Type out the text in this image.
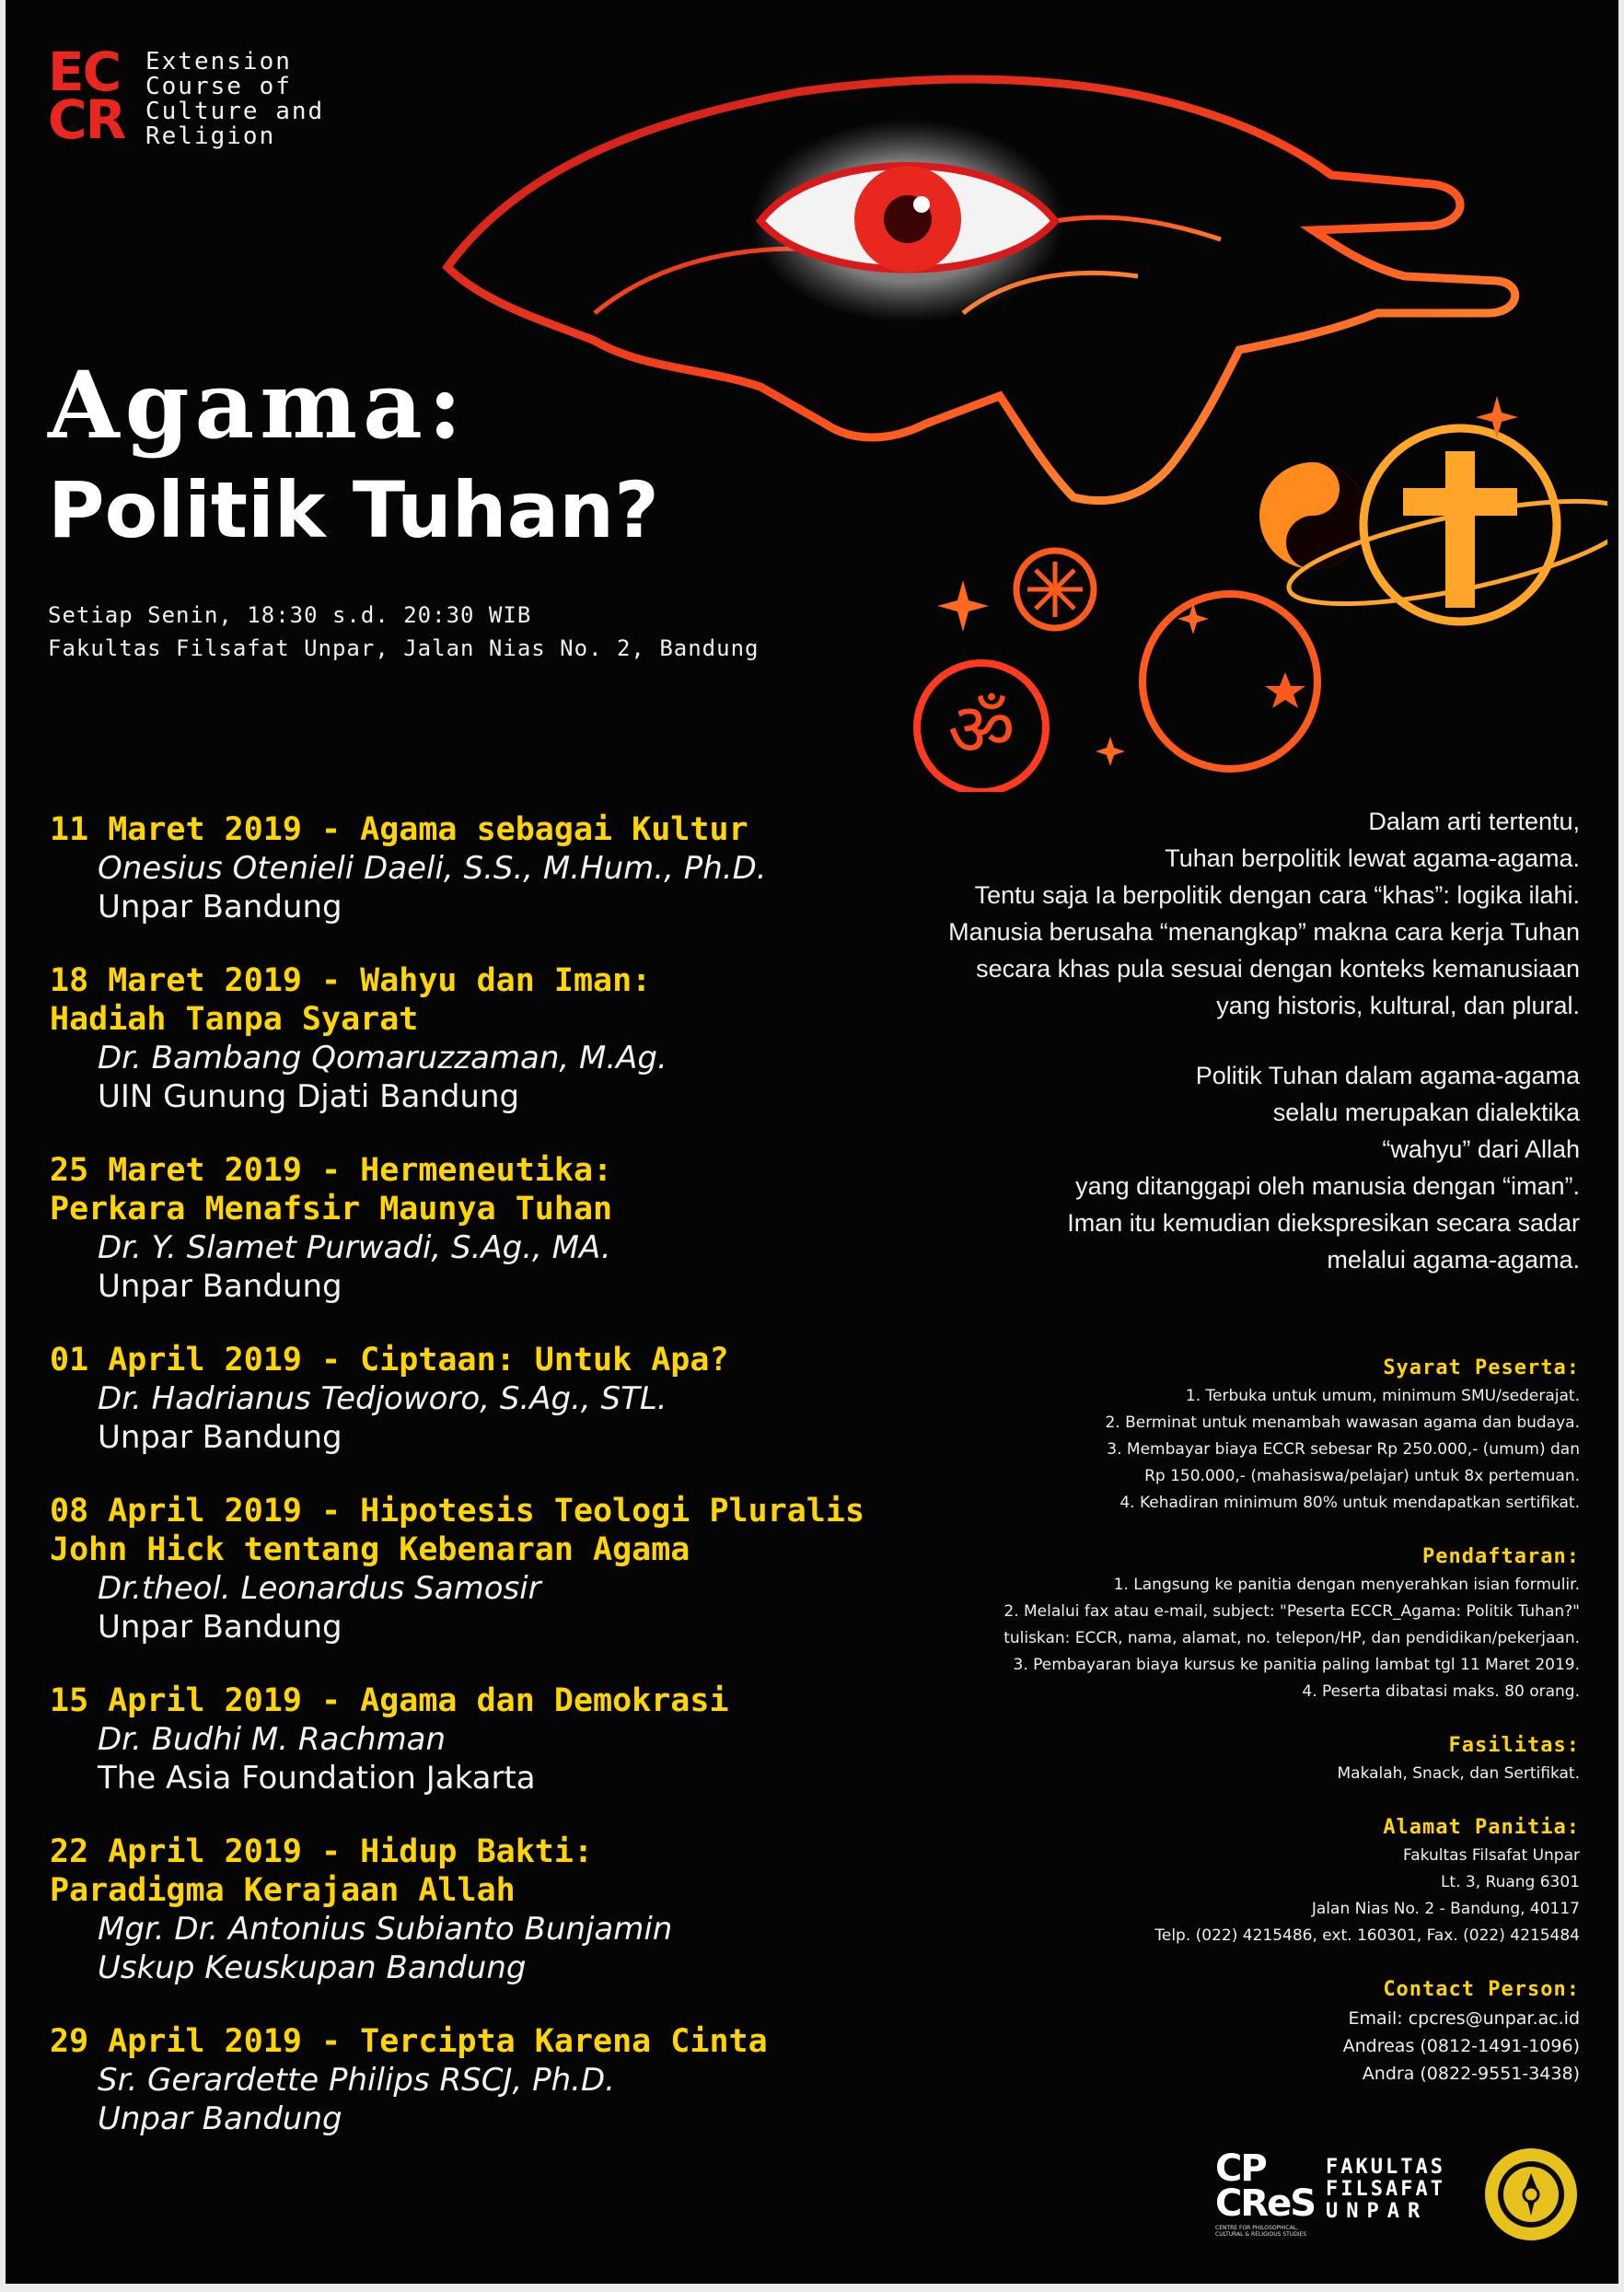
EC
CR
Extension
Course of
Culture and
Religion
ॐ
Agama:
Politik Tuhan?
Setiap Senin, 18:30 s.d. 20:30 WIB
Fakultas Filsafat Unpar, Jalan Nias No. 2, Bandung
11 Maret 2019 - Agama sebagai Kultur
Onesius Otenieli Daeli, S.S., M.Hum., Ph.D.
Unpar Bandung
18 Maret 2019 - Wahyu dan Iman:
Hadiah Tanpa Syarat
Dr. Bambang Qomaruzzaman, M.Ag.
UIN Gunung Djati Bandung
25 Maret 2019 - Hermeneutika:
Perkara Menafsir Maunya Tuhan
Dr. Y. Slamet Purwadi, S.Ag., MA.
Unpar Bandung
01 April 2019 - Ciptaan: Untuk Apa?
Dr. Hadrianus Tedjoworo, S.Ag., STL.
Unpar Bandung
08 April 2019 - Hipotesis Teologi Pluralis
John Hick tentang Kebenaran Agama
Dr.theol. Leonardus Samosir
Unpar Bandung
15 April 2019 - Agama dan Demokrasi
Dr. Budhi M. Rachman
The Asia Foundation Jakarta
22 April 2019 - Hidup Bakti:
Paradigma Kerajaan Allah
Mgr. Dr. Antonius Subianto Bunjamin
Uskup Keuskupan Bandung
29 April 2019 - Tercipta Karena Cinta
Sr. Gerardette Philips RSCJ, Ph.D.
Unpar Bandung

Dalam arti tertentu,
Tuhan berpolitik lewat agama-agama.
Tentu saja Ia berpolitik dengan cara “khas”: logika ilahi.
Manusia berusaha “menangkap” makna cara kerja Tuhan
secara khas pula sesuai dengan konteks kemanusiaan
yang historis, kultural, dan plural.

Politik Tuhan dalam agama-agama
selalu merupakan dialektika
“wahyu” dari Allah
yang ditanggapi oleh manusia dengan “iman”.
Iman itu kemudian diekspresikan secara sadar
melalui agama-agama.

Syarat Peserta:
1. Terbuka untuk umum, minimum SMU/sederajat.
2. Berminat untuk menambah wawasan agama dan budaya.
3. Membayar biaya ECCR sebesar Rp 250.000,- (umum) dan
Rp 150.000,- (mahasiswa/pelajar) untuk 8x pertemuan.
4. Kehadiran minimum 80% untuk mendapatkan sertifikat.
Pendaftaran:
1. Langsung ke panitia dengan menyerahkan isian formulir.
2. Melalui fax atau e-mail, subject: "Peserta ECCR_Agama: Politik Tuhan?"
tuliskan: ECCR, nama, alamat, no. telepon/HP, dan pendidikan/pekerjaan.
3. Pembayaran biaya kursus ke panitia paling lambat tgl 11 Maret 2019.
4. Peserta dibatasi maks. 80 orang.
Fasilitas:
Makalah, Snack, dan Sertifikat.
Alamat Panitia:
Fakultas Filsafat Unpar
Lt. 3, Ruang 6301
Jalan Nias No. 2 - Bandung, 40117
Telp. (022) 4215486, ext. 160301, Fax. (022) 4215484
Contact Person:
Email: cpcres@unpar.ac.id
Andreas (0812-1491-1096)
Andra (0822-9551-3438)
CP
CReS
CENTRE FOR PHILOSOPHICAL, CULTURAL & RELIGIOUS STUDIES
FAKULTAS
FILSAFAT
UNPAR
